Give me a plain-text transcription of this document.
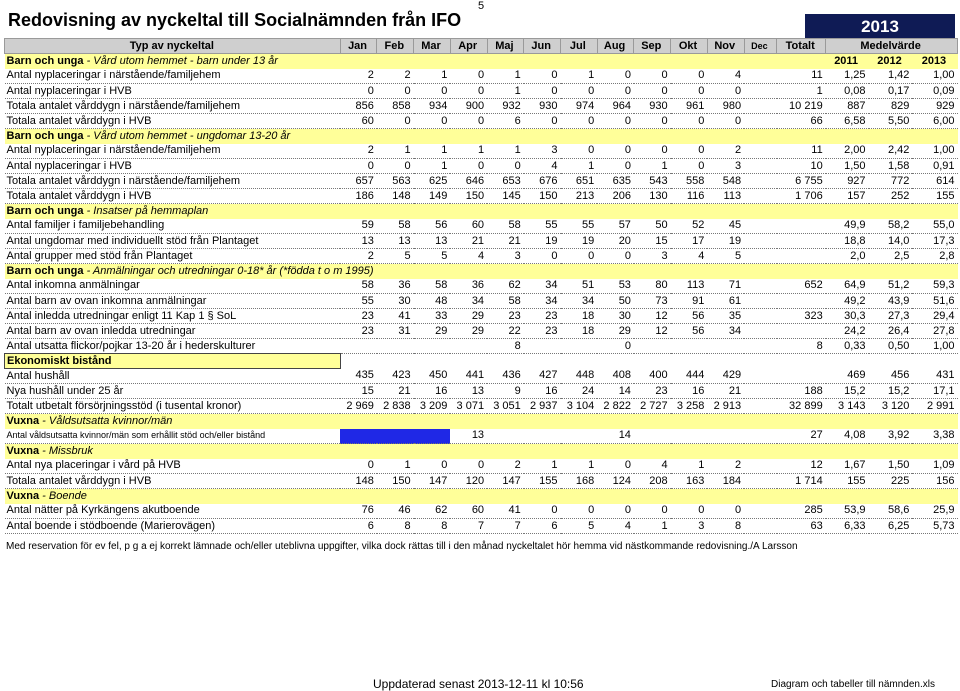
5
Redovisning av nyckeltal till Socialnämnden från IFO	2013
Typ av nyckeltal	Jan	Feb	Mar	Apr	Maj	Jun	Jul	Aug	Sep	Okt	Nov	Dec	Totalt	Medelvärde		
Barn och unga - Vård utom hemmet - barn under 13 år														2011	2012	2013
Antal nyplaceringar i närstående/familjehem	2	2	1	0	1	0	1	0	0	0	4		11	1,25	1,42	1,00
Antal nyplaceringar i HVB	0	0	0	0	1	0	0	0	0	0	0		1	0,08	0,17	0,09
Totala antalet vårddygn i närstående/familjehem	856	858	934	900	932	930	974	964	930	961	980		10 219	887	829	929
Totala antalet vårddygn i HVB	60	0	0	0	6	0	0	0	0	0	0		66	6,58	5,50	6,00
Barn och unga - Vård utom hemmet - ungdomar 13-20 år																
Antal nyplaceringar i närstående/familjehem	2	1	1	1	1	3	0	0	0	0	2		11	2,00	2,42	1,00
Antal nyplaceringar i HVB	0	0	1	0	0	4	1	0	1	0	3		10	1,50	1,58	0,91
Totala antalet vårddygn i närstående/familjehem	657	563	625	646	653	676	651	635	543	558	548		6 755	927	772	614
Totala antalet vårddygn i HVB	186	148	149	150	145	150	213	206	130	116	113		1 706	157	252	155
Barn och unga - Insatser på hemmaplan																
Antal familjer i familjebehandling	59	58	56	60	58	55	55	57	50	52	45			49,9	58,2	55,0
Antal ungdomar med individuellt stöd från Plantaget	13	13	13	21	21	19	19	20	15	17	19			18,8	14,0	17,3
Antal grupper med stöd från Plantaget	2	5	5	4	3	0	0	0	3	4	5			2,0	2,5	2,8
Barn och unga - Anmälningar och utredningar 0-18* år (*födda t o m 1995)																
Antal inkomna anmälningar	58	36	58	36	62	34	51	53	80	113	71		652	64,9	51,2	59,3
Antal barn av ovan inkomna anmälningar	55	30	48	34	58	34	34	50	73	91	61			49,2	43,9	51,6
Antal inledda utredningar enligt 11 Kap 1 § SoL	23	41	33	29	23	23	18	30	12	56	35		323	30,3	27,3	29,4
Antal barn av ovan inledda utredningar	23	31	29	29	22	23	18	29	12	56	34			24,2	26,4	27,8
Antal utsatta flickor/pojkar 13-20 år i hederskulturer					8			0					8	0,33	0,50	1,00
Ekonomiskt bistånd																
Antal hushåll	435	423	450	441	436	427	448	408	400	444	429			469	456	431
Nya hushåll under 25 år	15	21	16	13	9	16	24	14	23	16	21		188	15,2	15,2	17,1
Totalt utbetalt försörjningsstöd (i tusental kronor)	2 969	2 838	3 209	3 071	3 051	2 937	3 104	2 822	2 727	3 258	2 913		32 899	3 143	3 120	2 991
Vuxna - Våldsutsatta kvinnor/män																
Antal våldsutsatta kvinnor/män som erhållit stöd och/eller bistånd				13				14					27	4,08	3,92	3,38
Vuxna - Missbruk																
Antal nya placeringar i vård på HVB	0	1	0	0	2	1	1	0	4	1	2		12	1,67	1,50	1,09
Totala antalet vårddygn i HVB	148	150	147	120	147	155	168	124	208	163	184		1 714	155	225	156
Vuxna - Boende																
Antal nätter på Kyrkängens akutboende	76	46	62	60	41	0	0	0	0	0	0		285	53,9	58,6	25,9
Antal boende i stödboende (Marierovägen)	6	8	8	7	7	6	5	4	1	3	8		63	6,33	6,25	5,73
Med reservation för ev fel, p g a ej korrekt lämnade och/eller uteblivna uppgifter, vilka dock rättas till i den månad nyckeltalet hör hemma vid nästkommande redovisning./A Larsson
Uppdaterad senast 2013-12-11 kl 10:56	Diagram och tabeller till nämnden.xls
